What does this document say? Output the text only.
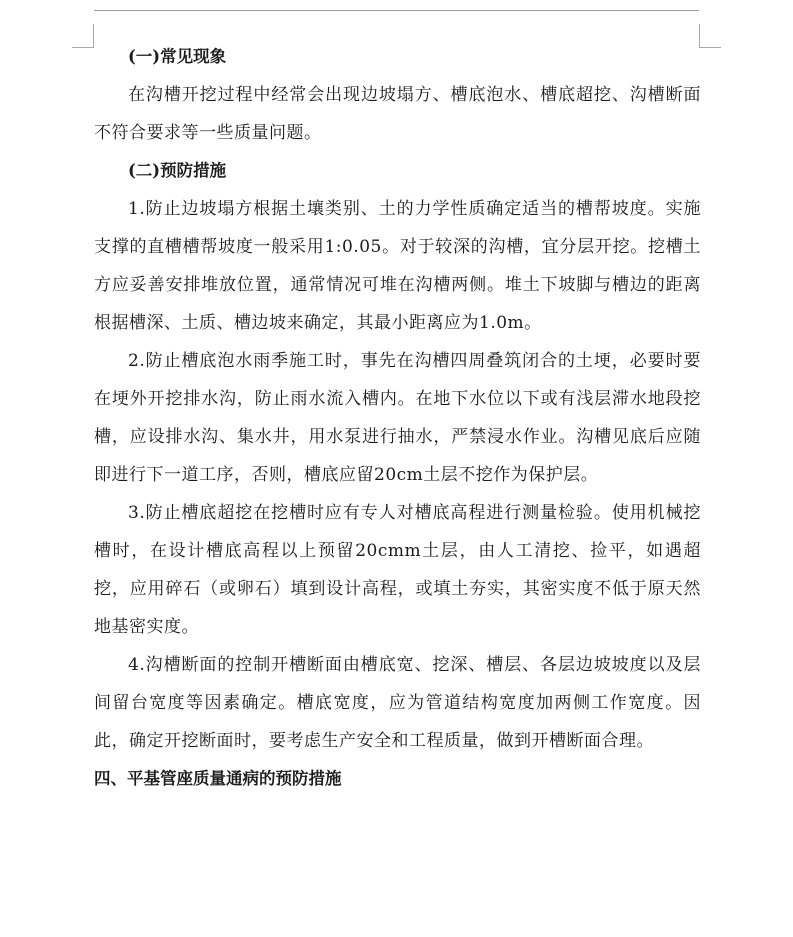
(一)常见现象

在沟槽开挖过程中经常会出现边坡塌方、槽底泡水、槽底超挖、沟槽断面不符合要求等一些质量问题。

(二)预防措施

1.防止边坡塌方根据土壤类别、土的力学性质确定适当的槽帮坡度。实施支撑的直槽槽帮坡度一般采用1:0.05。对于较深的沟槽，宜分层开挖。挖槽土方应妥善安排堆放位置，通常情况可堆在沟槽两侧。堆土下坡脚与槽边的距离根据槽深、土质、槽边坡来确定，其最小距离应为1.0m。

2.防止槽底泡水雨季施工时，事先在沟槽四周叠筑闭合的土埂，必要时要在埂外开挖排水沟，防止雨水流入槽内。在地下水位以下或有浅层滞水地段挖槽，应设排水沟、集水井，用水泵进行抽水，严禁浸水作业。沟槽见底后应随即进行下一道工序，否则，槽底应留20cm土层不挖作为保护层。

3.防止槽底超挖在挖槽时应有专人对槽底高程进行测量检验。使用机械挖槽时，在设计槽底高程以上预留20cmm土层，由人工清挖、捡平，如遇超挖，应用碎石（或卵石）填到设计高程，或填土夯实，其密实度不低于原天然地基密实度。

4.沟槽断面的控制开槽断面由槽底宽、挖深、槽层、各层边坡坡度以及层间留台宽度等因素确定。槽底宽度，应为管道结构宽度加两侧工作宽度。因此，确定开挖断面时，要考虑生产安全和工程质量，做到开槽断面合理。

四、平基管座质量通病的预防措施
